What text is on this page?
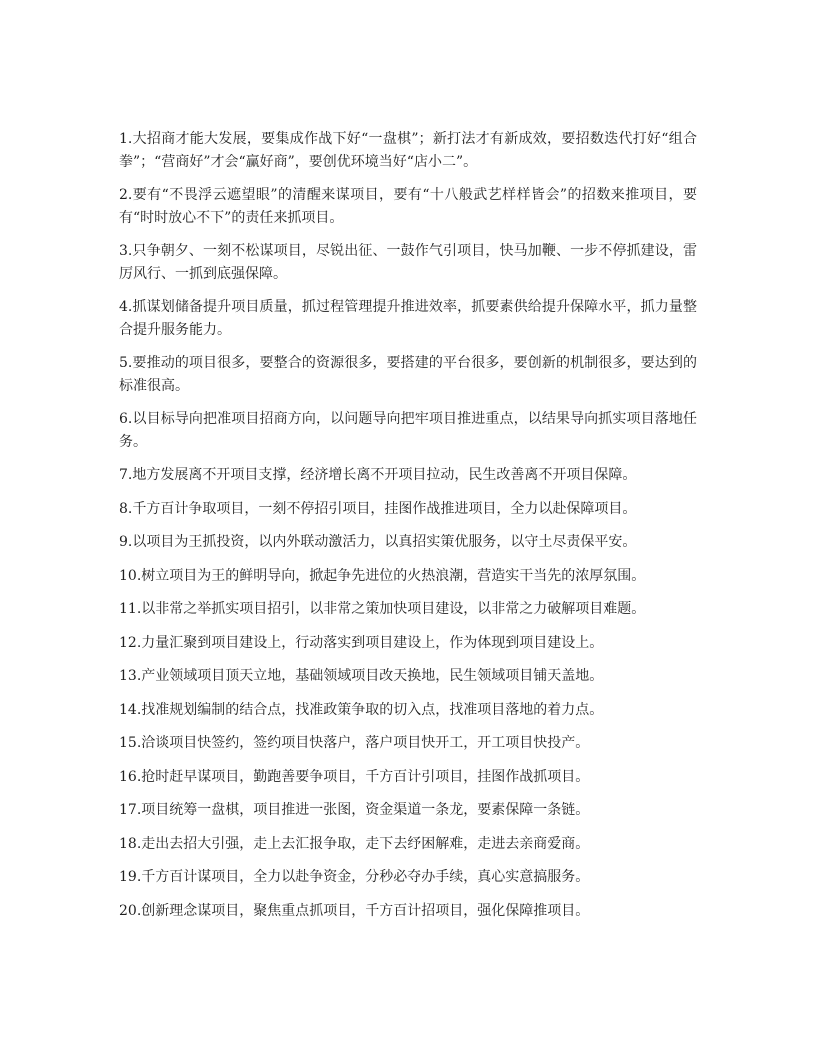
1.大招商才能大发展，要集成作战下好“一盘棋”；新打法才有新成效，要招数迭代打好“组合拳”；“营商好”才会“赢好商”，要创优环境当好“店小二”。

2.要有“不畏浮云遮望眼”的清醒来谋项目，要有“十八般武艺样样皆会”的招数来推项目，要有“时时放心不下”的责任来抓项目。

3.只争朝夕、一刻不松谋项目，尽锐出征、一鼓作气引项目，快马加鞭、一步不停抓建设，雷厉风行、一抓到底强保障。

4.抓谋划储备提升项目质量，抓过程管理提升推进效率，抓要素供给提升保障水平，抓力量整合提升服务能力。

5.要推动的项目很多，要整合的资源很多，要搭建的平台很多，要创新的机制很多，要达到的标准很高。

6.以目标导向把准项目招商方向，以问题导向把牢项目推进重点，以结果导向抓实项目落地任务。

7.地方发展离不开项目支撑，经济增长离不开项目拉动，民生改善离不开项目保障。

8.千方百计争取项目，一刻不停招引项目，挂图作战推进项目，全力以赴保障项目。

9.以项目为王抓投资，以内外联动激活力，以真招实策优服务，以守土尽责保平安。

10.树立项目为王的鲜明导向，掀起争先进位的火热浪潮，营造实干当先的浓厚氛围。

11.以非常之举抓实项目招引，以非常之策加快项目建设，以非常之力破解项目难题。

12.力量汇聚到项目建设上，行动落实到项目建设上，作为体现到项目建设上。

13.产业领域项目顶天立地，基础领域项目改天换地，民生领域项目铺天盖地。

14.找准规划编制的结合点，找准政策争取的切入点，找准项目落地的着力点。

15.洽谈项目快签约，签约项目快落户，落户项目快开工，开工项目快投产。

16.抢时赶早谋项目，勤跑善要争项目，千方百计引项目，挂图作战抓项目。

17.项目统筹一盘棋，项目推进一张图，资金渠道一条龙，要素保障一条链。

18.走出去招大引强，走上去汇报争取，走下去纾困解难，走进去亲商爱商。

19.千方百计谋项目，全力以赴争资金，分秒必夺办手续，真心实意搞服务。

20.创新理念谋项目，聚焦重点抓项目，千方百计招项目，强化保障推项目。
